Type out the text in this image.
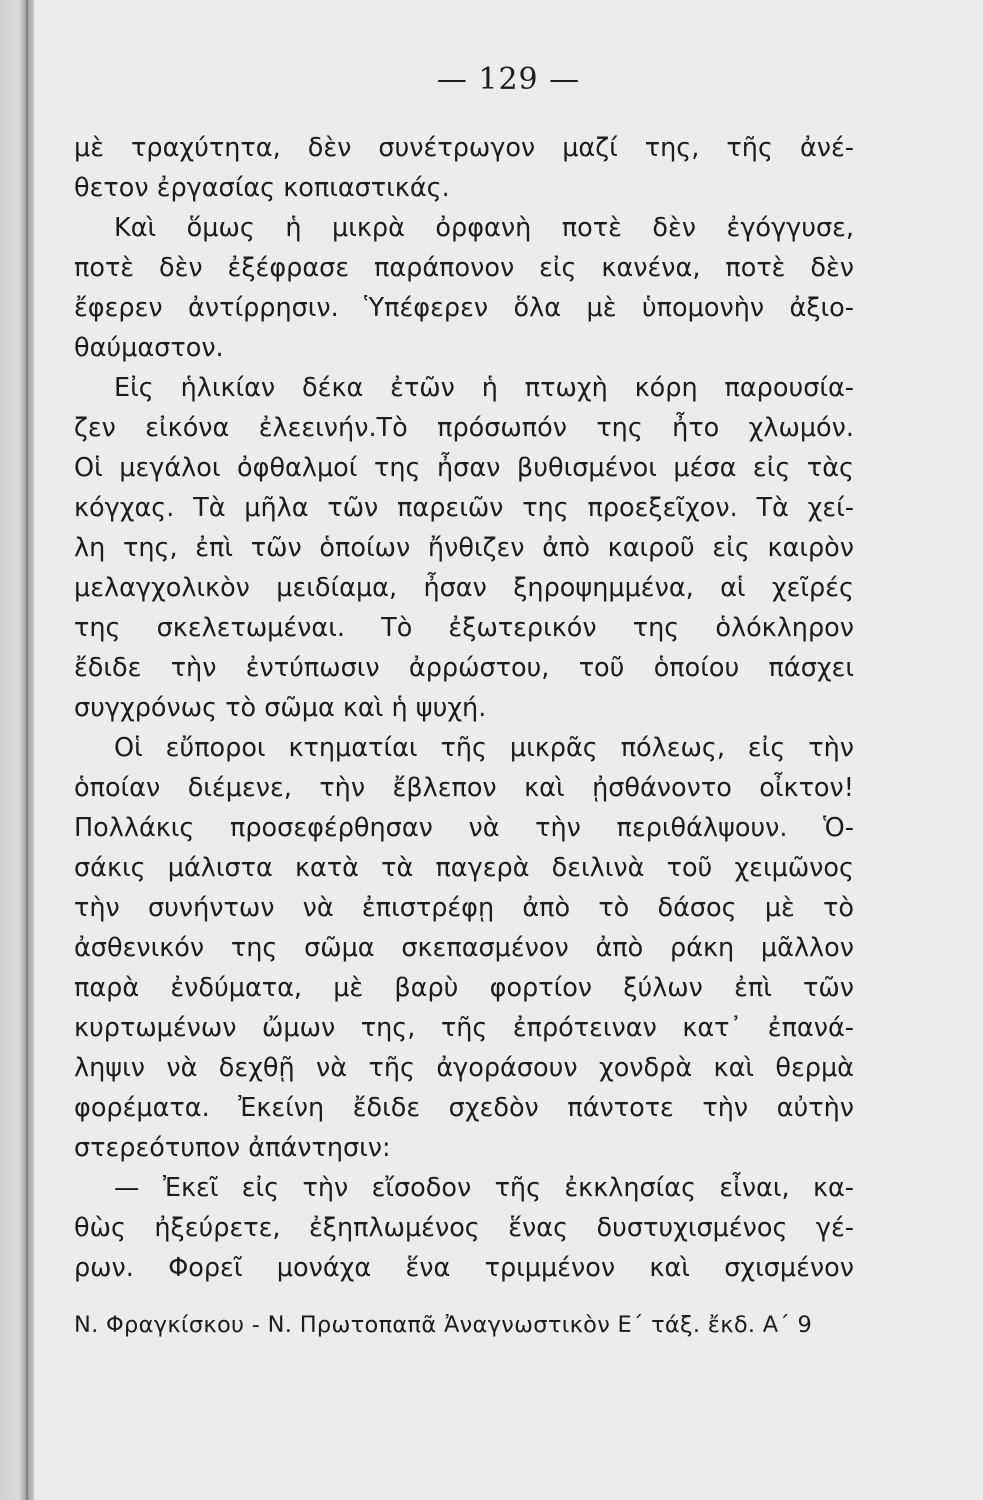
— 129 —
μὲ τραχύτητα, δὲν συνέτρωγον μαζί της, τῆς ἀνέ-
θετον ἐργασίας κοπιαστικάς.
Καὶ ὅμως ἡ μικρὰ ὀρφανὴ ποτὲ δὲν ἐγόγγυσε,
ποτὲ δὲν ἐξέφρασε παράπονον εἰς κανένα, ποτὲ δὲν
ἔφερεν ἀντίρρησιν. Ὑπέφερεν ὅλα μὲ ὑπομονὴν ἀξιο-
θαύμαστον.
Εἰς ἡλικίαν δέκα ἐτῶν ἡ πτωχὴ κόρη παρουσία-
ζεν εἰκόνα ἐλεεινήν.Τὸ πρόσωπόν της ἦτο χλωμόν.
Οἱ μεγάλοι ὀφθαλμοί της ἦσαν βυθισμένοι μέσα εἰς τὰς
κόγχας. Τὰ μῆλα τῶν παρειῶν της προεξεῖχον. Τὰ χεί-
λη της, ἐπὶ τῶν ὁποίων ἤνθιζεν ἀπὸ καιροῦ εἰς καιρὸν
μελαγχολικὸν μειδίαμα, ἦσαν ξηροψημμένα, αἱ χεῖρές
της σκελετωμέναι. Τὸ ἐξωτερικόν της ὁλόκληρον
ἔδιδε τὴν ἐντύπωσιν ἀρρώστου, τοῦ ὁποίου πάσχει
συγχρόνως τὸ σῶμα καὶ ἡ ψυχή.
Οἱ εὔποροι κτηματίαι τῆς μικρᾶς πόλεως, εἰς τὴν
ὁποίαν διέμενε, τὴν ἔβλεπον καὶ ᾐσθάνοντο οἶκτον!
Πολλάκις προσεφέρθησαν νὰ τὴν περιθάλψουν. Ὁ-
σάκις μάλιστα κατὰ τὰ παγερὰ δειλινὰ τοῦ χειμῶνος
τὴν συνήντων νὰ ἐπιστρέφῃ ἀπὸ τὸ δάσος μὲ τὸ
ἀσθενικόν της σῶμα σκεπασμένον ἀπὸ ράκη μᾶλλον
παρὰ ἐνδύματα, μὲ βαρὺ φορτίον ξύλων ἐπὶ τῶν
κυρτωμένων ὤμων της, τῆς ἐπρότειναν κατ᾽ ἐπανά-
ληψιν νὰ δεχθῇ νὰ τῆς ἀγοράσουν χονδρὰ καὶ θερμὰ
φορέματα. Ἐκείνη ἔδιδε σχεδὸν πάντοτε τὴν αὐτὴν
στερεότυπον ἀπάντησιν:
— Ἐκεῖ εἰς τὴν εἴσοδον τῆς ἐκκλησίας εἶναι, κα-
θὼς ἠξεύρετε, ἐξηπλωμένος ἕνας δυστυχισμένος γέ-
ρων. Φορεῖ μονάχα ἕνα τριμμένον καὶ σχισμένον
Ν. Φραγκίσκου - Ν. Πρωτοπαπᾶ Ἀναγνωστικὸν Ε΄ τάξ. ἔκδ. Α΄ 9
